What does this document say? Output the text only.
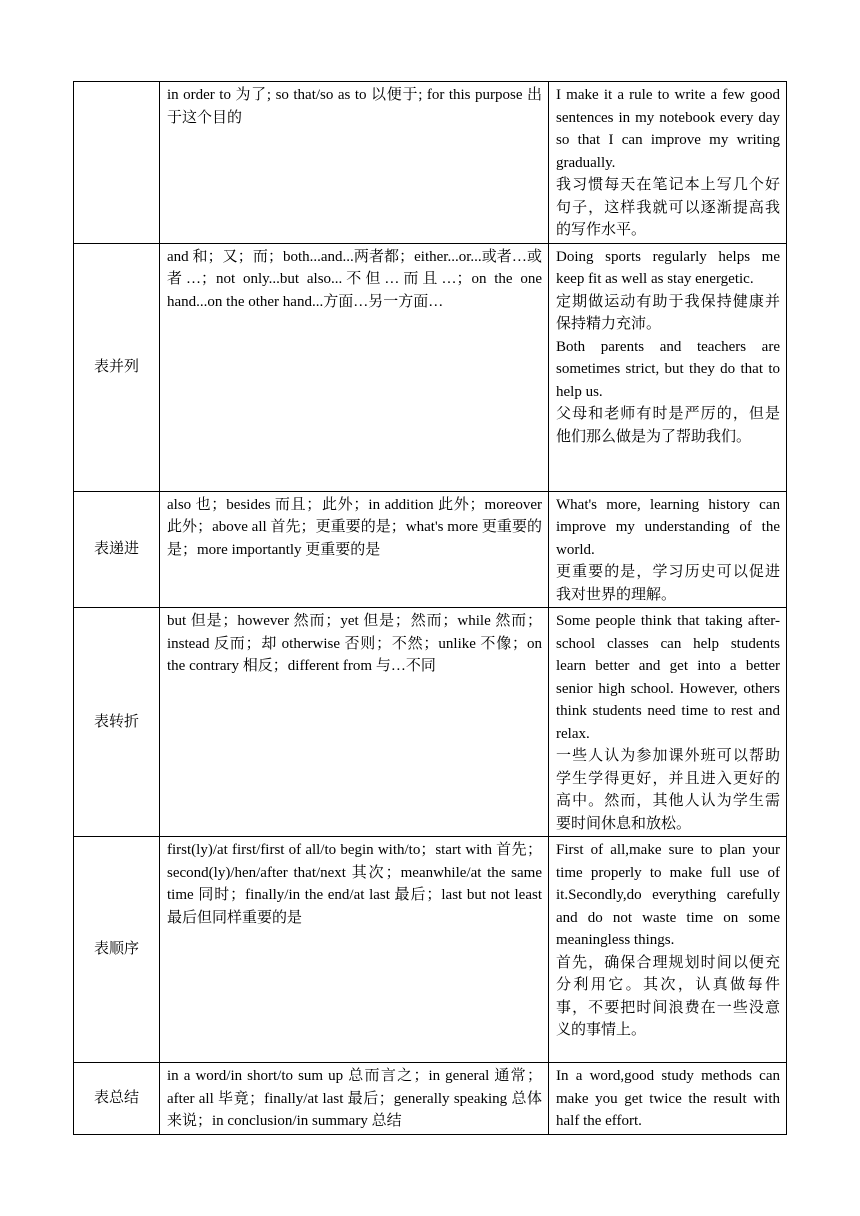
	in order to 为了; so that/so as to 以便于; for this purpose 出于这个目的	I make it a rule to write a few good sentences in my notebook every day so that I can improve my writing gradually.
我习惯每天在笔记本上写几个好句子，这样我就可以逐渐提高我的写作水平。

表并列	and 和；又；而；both...and...两者都；either...or...或者…或者…；not only...but also...不但…而且…；on the one hand...on the other hand...方面…另一方面…	Doing sports regularly helps me keep fit as well as stay energetic.
定期做运动有助于我保持健康并保持精力充沛。
Both parents and teachers are sometimes strict, but they do that to help us.
父母和老师有时是严厉的，但是他们那么做是为了帮助我们。

表递进	also 也；besides 而且；此外；in addition 此外；moreover 此外；above all 首先；更重要的是；what's more 更重要的是；more importantly 更重要的是	What's more, learning history can improve my understanding of the world.
更重要的是，学习历史可以促进我对世界的理解。

表转折	but 但是；however 然而；yet 但是；然而；while 然而；instead 反而；却 otherwise 否则；不然；unlike 不像；on the contrary 相反；different from 与…不同	Some people think that taking after-school classes can help students learn better and get into a better senior high school. However, others think students need time to rest and relax.
一些人认为参加课外班可以帮助学生学得更好，并且进入更好的高中。然而，其他人认为学生需要时间休息和放松。

表顺序	first(ly)/at first/first of all/to begin with/to；start with 首先；second(ly)/hen/after that/next 其次；meanwhile/at the same time 同时；finally/in the end/at last 最后；last but not least 最后但同样重要的是	First of all,make sure to plan your time properly to make full use of it.Secondly,do everything carefully and do not waste time on some meaningless things.
首先，确保合理规划时间以便充分利用它。其次，认真做每件事，不要把时间浪费在一些没意义的事情上。

表总结	in a word/in short/to sum up 总而言之；in general 通常；after all 毕竟；finally/at last 最后；generally speaking 总体来说；in conclusion/in summary 总结	In a word,good study methods can make you get twice the result with half the effort.
